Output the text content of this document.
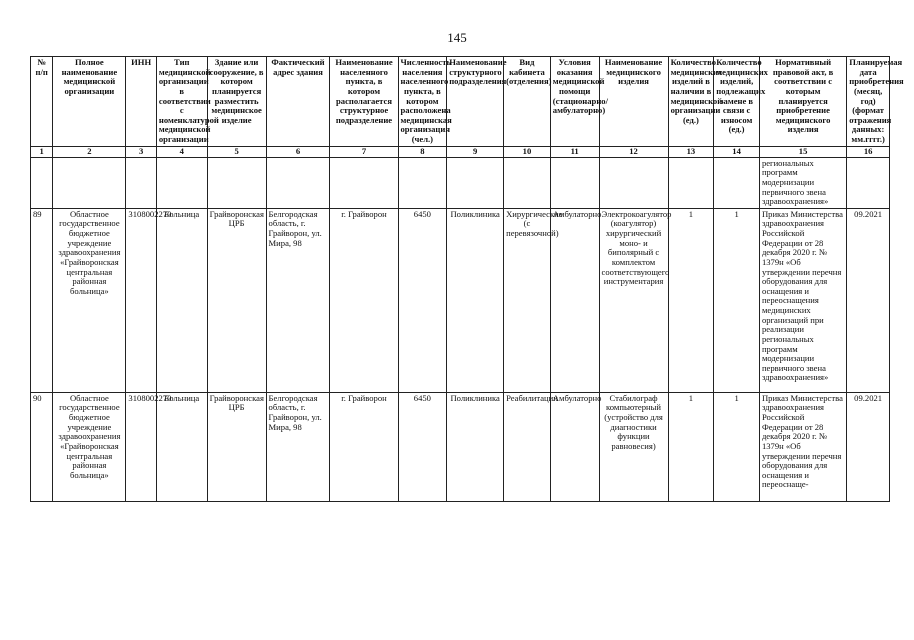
145
№ п/п	Полное наименование медицинской организации	ИНН	Тип медицинской организации в соответствии с номенклатурой медицинской организации	Здание или сооружение, в котором планируется разместить медицинское изделие	Фактический адрес здания	Наименование населенного пункта, в котором располагается структурное подразделение	Численность населения населенного пункта, в котором расположена медицинская организация (чел.)	Наименование структурного подразделения	Вид кабинета (отделения)	Условия оказания медицинской помощи (стационарно/амбулаторно)	Наименование медицинского изделия	Количество медицинских изделий в наличии в медицинской организации (ед.)	Количество медицинских изделий, подлежащих замене в связи с износом (ед.)	Нормативный правовой акт, в соответствии с которым планируется приобретение медицинского изделия	Планируемая дата приобретения (месяц, год) (формат отражения данных: мм.гггг.)
1	2	3	4	5	6	7	8	9	10	11	12	13	14	15	16
														региональных программ модернизации первичного звена здравоохранения»	
89	Областное государственное бюджетное учреждение здравоохранения «Грайворонская центральная районная больница»	3108002270	Больница	Грайворонская ЦРБ	Белгородская область, г. Грайворон, ул. Мира, 98	г. Грайворон	6450	Поликлиника	Хирургические (с перевязочной)	Амбулаторно	Электрокоагулятор (коагулятор) хирургический моно- и биполярный с комплектом соответствующего инструментария	1	1	Приказ Министерства здравоохранения Российской Федерации от 28 декабря 2020 г. № 1379н «Об утверждении перечня оборудования для оснащения и переоснащения медицинских организаций при реализации региональных программ модернизации первичного звена здравоохранения»	09.2021
90	Областное государственное бюджетное учреждение здравоохранения «Грайворонская центральная районная больница»	3108002270	Больница	Грайворонская ЦРБ	Белгородская область, г. Грайворон, ул. Мира, 98	г. Грайворон	6450	Поликлиника	Реабилитации	Амбулаторно	Стабилограф компьютерный (устройство для диагностики функции равновесия)	1	1	Приказ Министерства здравоохранения Российской Федерации от 28 декабря 2020 г. № 1379н «Об утверждении перечня оборудования для оснащения и переоснаще-	09.2021
